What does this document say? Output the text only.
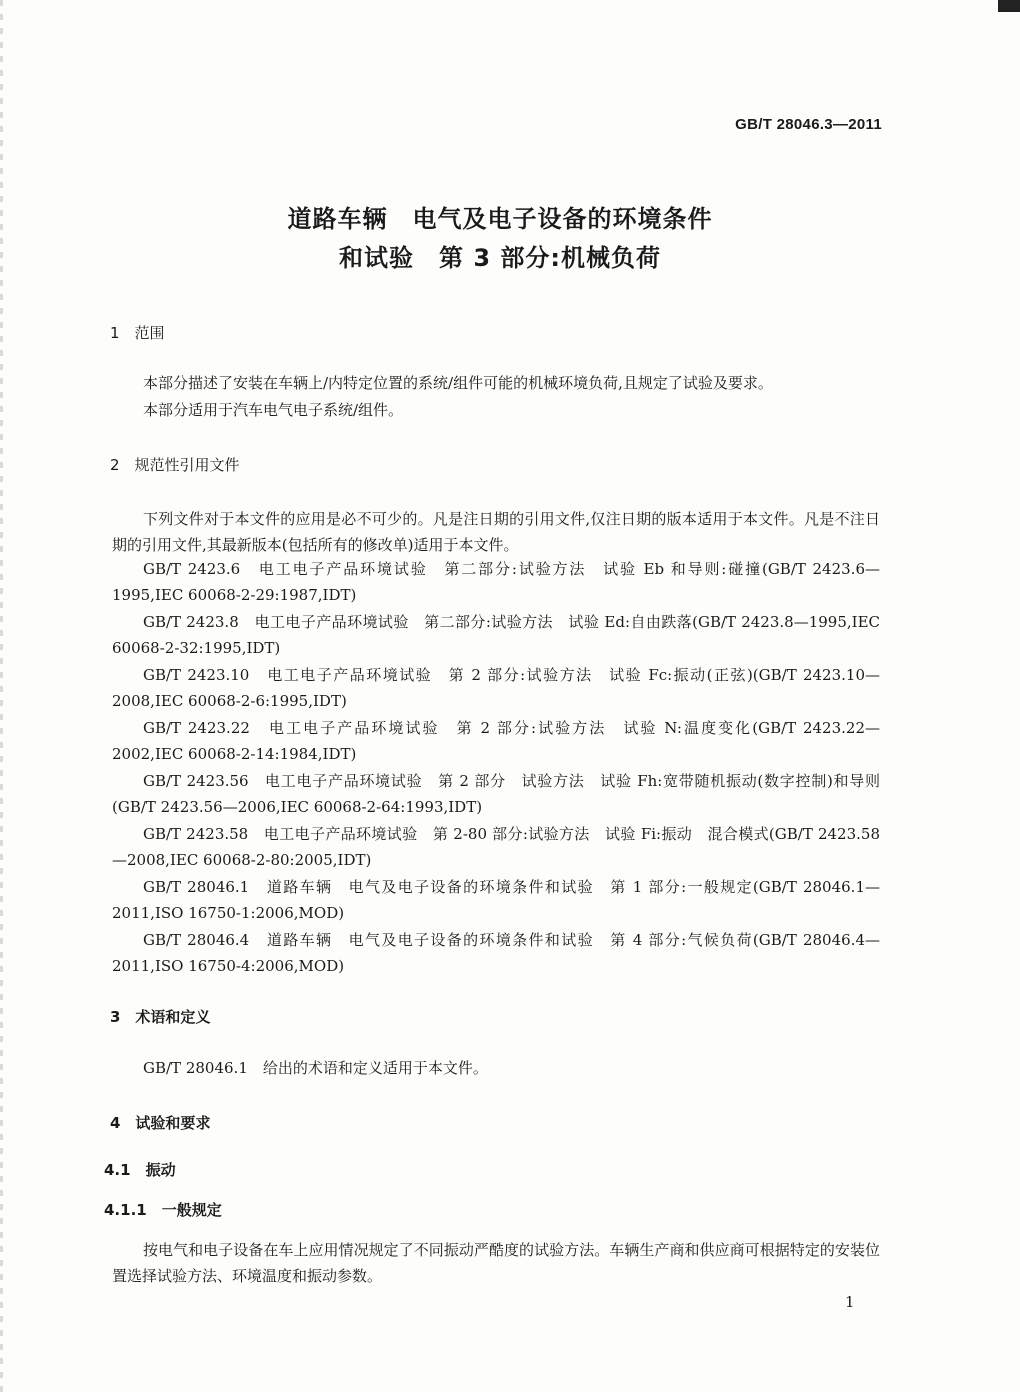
GB/T 28046.3—2011
道路车辆　电气及电子设备的环境条件
和试验　第 3 部分:机械负荷
1　范围
本部分描述了安装在车辆上/内特定位置的系统/组件可能的机械环境负荷,且规定了试验及要求。
本部分适用于汽车电气电子系统/组件。
2　规范性引用文件
下列文件对于本文件的应用是必不可少的。凡是注日期的引用文件,仅注日期的版本适用于本文件。凡是不注日期的引用文件,其最新版本(包括所有的修改单)适用于本文件。
GB/T 2423.6　电工电子产品环境试验　第二部分:试验方法　试验 Eb 和导则:碰撞(GB/T 2423.6—1995,IEC 60068-2-29:1987,IDT)
GB/T 2423.8　电工电子产品环境试验　第二部分:试验方法　试验 Ed:自由跌落(GB/T 2423.8—1995,IEC 60068-2-32:1995,IDT)
GB/T 2423.10　电工电子产品环境试验　第 2 部分:试验方法　试验 Fc:振动(正弦)(GB/T 2423.10—2008,IEC 60068-2-6:1995,IDT)
GB/T 2423.22　电工电子产品环境试验　第 2 部分:试验方法　试验 N:温度变化(GB/T 2423.22—2002,IEC 60068-2-14:1984,IDT)
GB/T 2423.56　电工电子产品环境试验　第 2 部分　试验方法　试验 Fh:宽带随机振动(数字控制)和导则(GB/T 2423.56—2006,IEC 60068-2-64:1993,IDT)
GB/T 2423.58　电工电子产品环境试验　第 2-80 部分:试验方法　试验 Fi:振动　混合模式(GB/T 2423.58—2008,IEC 60068-2-80:2005,IDT)
GB/T 28046.1　道路车辆　电气及电子设备的环境条件和试验　第 1 部分:一般规定(GB/T 28046.1—2011,ISO 16750-1:2006,MOD)
GB/T 28046.4　道路车辆　电气及电子设备的环境条件和试验　第 4 部分:气候负荷(GB/T 28046.4—2011,ISO 16750-4:2006,MOD)
3　术语和定义
GB/T 28046.1　给出的术语和定义适用于本文件。
4　试验和要求
4.1　振动
4.1.1　一般规定
按电气和电子设备在车上应用情况规定了不同振动严酷度的试验方法。车辆生产商和供应商可根据特定的安装位置选择试验方法、环境温度和振动参数。
1
